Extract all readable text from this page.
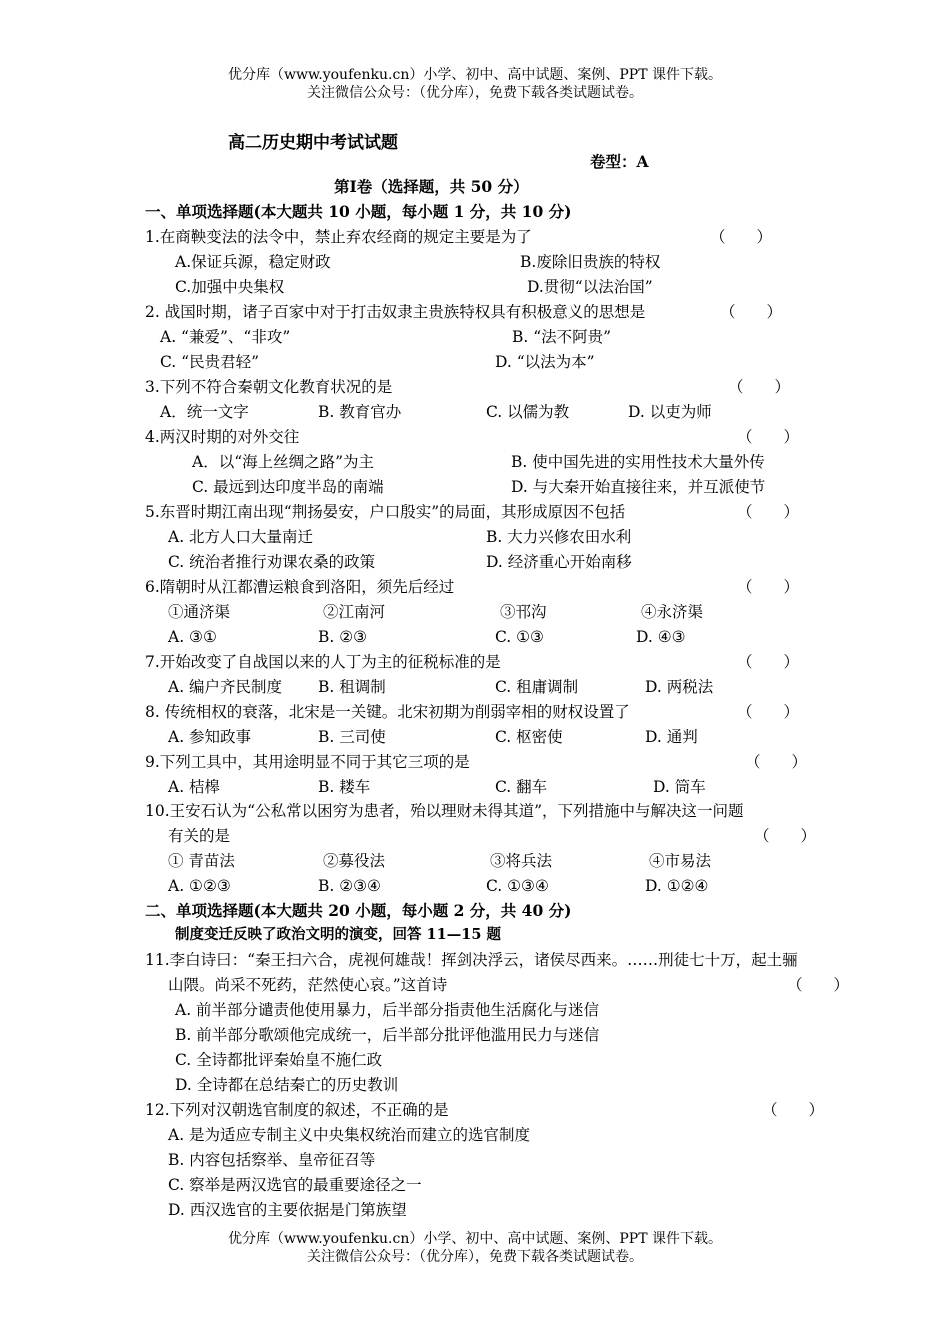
优分库（www.youfenku.cn）小学、初中、高中试题、案例、PPT 课件下载。
关注微信公众号：（优分库），免费下载各类试题试卷。
高二历史期中考试试题
卷型：A
第Ⅰ卷（选择题，共 50 分）
一、单项选择题(本大题共 10 小题，每小题 1 分，共 10 分)
1.在商鞅变法的法令中，禁止弃农经商的规定主要是为了	（　　）
A.保证兵源，稳定财政	B.废除旧贵族的特权
C.加强中央集权	D.贯彻“以法治国”
2. 战国时期，诸子百家中对于打击奴隶主贵族特权具有积极意义的思想是	（　　）
A. “兼爱”、“非攻”	B. “法不阿贵”
C. “民贵君轻”	D. “以法为本”
3.下列不符合秦朝文化教育状况的是	（　　）
A．统一文字	B. 教育官办	C. 以儒为教	D. 以吏为师
4.两汉时期的对外交往	（　　）
A．以“海上丝绸之路”为主	B. 使中国先进的实用性技术大量外传
C. 最远到达印度半岛的南端	D. 与大秦开始直接往来，并互派使节
5.东晋时期江南出现“荆扬晏安，户口殷实”的局面，其形成原因不包括	（　　）
A. 北方人口大量南迁	B. 大力兴修农田水利
C. 统治者推行劝课农桑的政策	D. 经济重心开始南移
6.隋朝时从江都漕运粮食到洛阳，须先后经过	（　　）
①通济渠	②江南河	③邗沟	④永济渠
A. ③①	B. ②③	C. ①③	D. ④③
7.开始改变了自战国以来的人丁为主的征税标准的是	（　　）
A. 编户齐民制度 B. 租调制	C. 租庸调制	D. 两税法
8. 传统相权的衰落，北宋是一关键。北宋初期为削弱宰相的财权设置了	（　　）
A. 参知政事	B. 三司使	C. 枢密使	D. 通判
9.下列工具中，其用途明显不同于其它三项的是	（　　）
A. 桔槔	B. 耧车	C. 翻车	D. 筒车
10.王安石认为“公私常以困穷为患者，殆以理财未得其道”，下列措施中与解决这一问题
有关的是	（　　）
① 青苗法	②募役法	③将兵法	④市易法
A. ①②③	B. ②③④	C. ①③④	D. ①②④
二、单项选择题(本大题共 20 小题，每小题 2 分，共 40 分)
制度变迁反映了政治文明的演变，回答 11—15 题
11.李白诗曰：“秦王扫六合，虎视何雄哉！挥剑决浮云，诸侯尽西来。……刑徒七十万，起土骊
山隈。尚采不死药，茫然使心哀。”这首诗	（　　）
A. 前半部分谴责他使用暴力，后半部分指责他生活腐化与迷信
B. 前半部分歌颂他完成统一，后半部分批评他滥用民力与迷信
C. 全诗都批评秦始皇不施仁政
D. 全诗都在总结秦亡的历史教训
12.下列对汉朝选官制度的叙述，不正确的是	（　　）
A. 是为适应专制主义中央集权统治而建立的选官制度
B. 内容包括察举、皇帝征召等
C. 察举是两汉选官的最重要途径之一
D. 西汉选官的主要依据是门第族望
优分库（www.youfenku.cn）小学、初中、高中试题、案例、PPT 课件下载。
关注微信公众号：（优分库），免费下载各类试题试卷。
